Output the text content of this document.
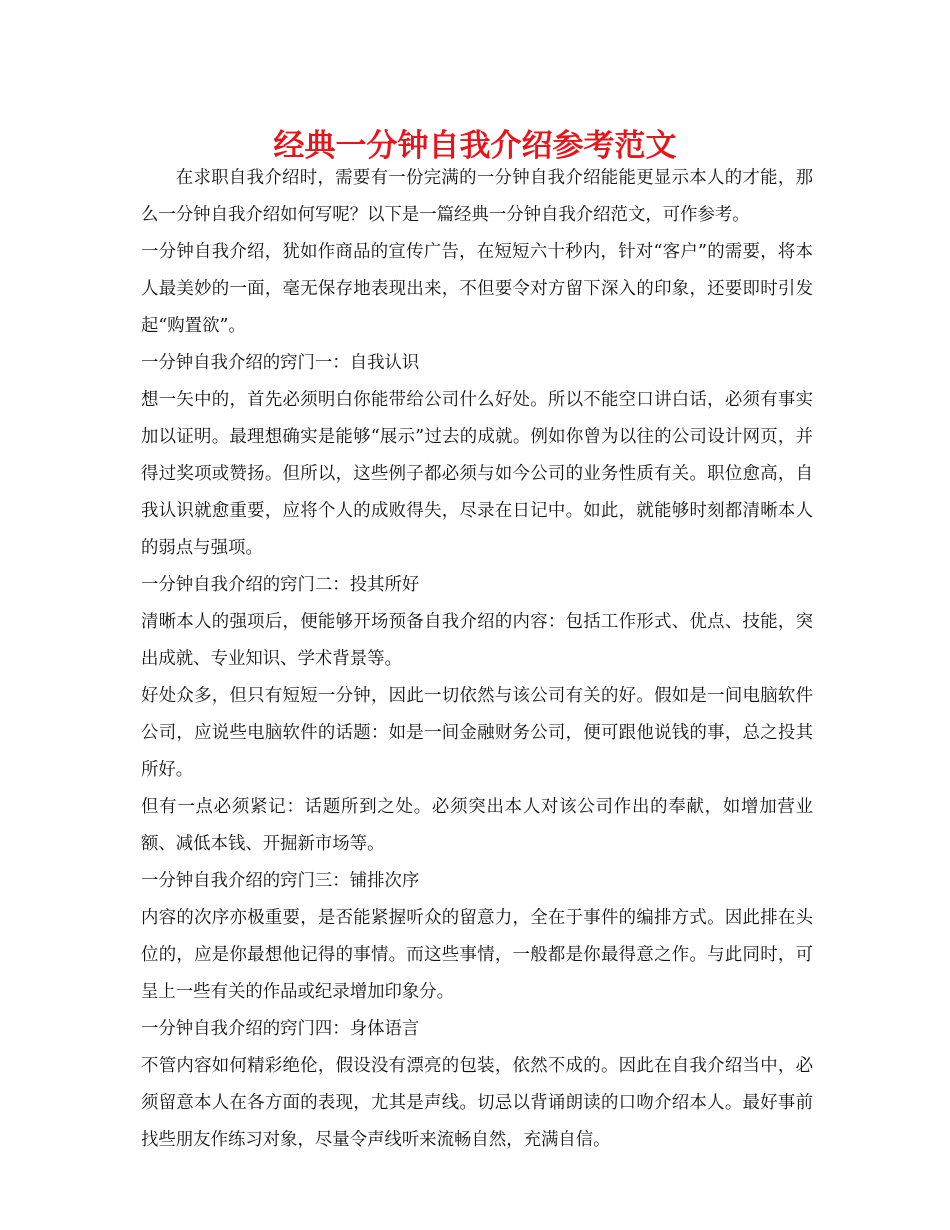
经典一分钟自我介绍参考范文

在求职自我介绍时，需要有一份完满的一分钟自我介绍能能更显示本人的才能，那么一分钟自我介绍如何写呢？以下是一篇经典一分钟自我介绍范文，可作参考。

一分钟自我介绍，犹如作商品的宣传广告，在短短六十秒内，针对“客户”的需要，将本人最美妙的一面，毫无保存地表现出来，不但要令对方留下深入的印象，还要即时引发起“购置欲”。

一分钟自我介绍的窍门一：自我认识

想一矢中的，首先必须明白你能带给公司什么好处。所以不能空口讲白话，必须有事实加以证明。最理想确实是能够“展示”过去的成就。例如你曾为以往的公司设计网页，并得过奖项或赞扬。但所以，这些例子都必须与如今公司的业务性质有关。职位愈高，自我认识就愈重要，应将个人的成败得失，尽录在日记中。如此，就能够时刻都清晰本人的弱点与强项。

一分钟自我介绍的窍门二：投其所好

清晰本人的强项后，便能够开场预备自我介绍的内容：包括工作形式、优点、技能，突出成就、专业知识、学术背景等。

好处众多，但只有短短一分钟，因此一切依然与该公司有关的好。假如是一间电脑软件公司，应说些电脑软件的话题：如是一间金融财务公司，便可跟他说钱的事，总之投其所好。

但有一点必须紧记：话题所到之处。必须突出本人对该公司作出的奉献，如增加营业额、减低本钱、开掘新市场等。

一分钟自我介绍的窍门三：铺排次序

内容的次序亦极重要，是否能紧握听众的留意力，全在于事件的编排方式。因此排在头位的，应是你最想他记得的事情。而这些事情，一般都是你最得意之作。与此同时，可呈上一些有关的作品或纪录增加印象分。

一分钟自我介绍的窍门四：身体语言

不管内容如何精彩绝伦，假设没有漂亮的包装，依然不成的。因此在自我介绍当中，必须留意本人在各方面的表现，尤其是声线。切忌以背诵朗读的口吻介绍本人。最好事前找些朋友作练习对象，尽量令声线听来流畅自然，充满自信。
